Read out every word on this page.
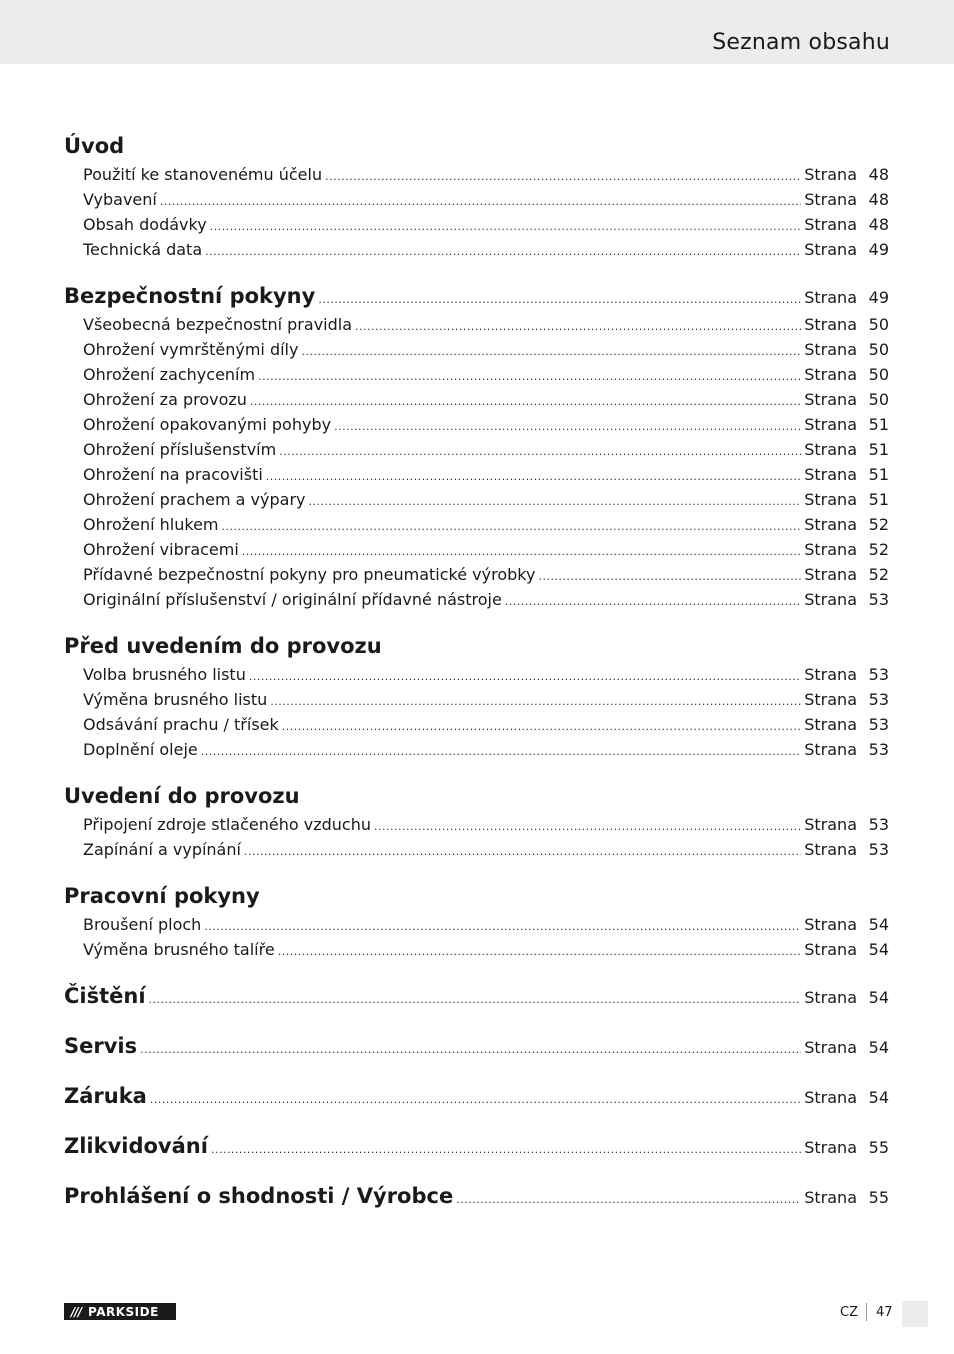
Seznam obsahu
Úvod
Použití ke stanovenému účelu .....	Strana 48
Vybavení .....	Strana 48
Obsah dodávky .....	Strana 48
Technická data .....	Strana 49
Bezpečnostní pokyny .....	Strana 49
Všeobecná bezpečnostní pravidla .....	Strana 50
Ohrožení vymrštěnými díly .....	Strana 50
Ohrožení zachycením .....	Strana 50
Ohrožení za provozu .....	Strana 50
Ohrožení opakovanými pohyby .....	Strana 51
Ohrožení příslušenstvím .....	Strana 51
Ohrožení na pracovišti .....	Strana 51
Ohrožení prachem a výpary .....	Strana 51
Ohrožení hlukem .....	Strana 52
Ohrožení vibracemi .....	Strana 52
Přídavné bezpečnostní pokyny pro pneumatické výrobky .....	Strana 52
Originální příslušenství / originální přídavné nástroje .....	Strana 53
Před uvedením do provozu
Volba brusného listu .....	Strana 53
Výměna brusného listu .....	Strana 53
Odsávání prachu / třísek .....	Strana 53
Doplnění oleje .....	Strana 53
Uvedení do provozu
Připojení zdroje stlačeného vzduchu .....	Strana 53
Zapínání a vypínání .....	Strana 53
Pracovní pokyny
Broušení ploch .....	Strana 54
Výměna brusného talíře .....	Strana 54
Čištění .....	Strana 54
Servis .....	Strana 54
Záruka .....	Strana 54
Zlikvidování .....	Strana 55
Prohlášení o shodnosti / Výrobce .....	Strana 55
/// PARKSIDE	CZ 47
